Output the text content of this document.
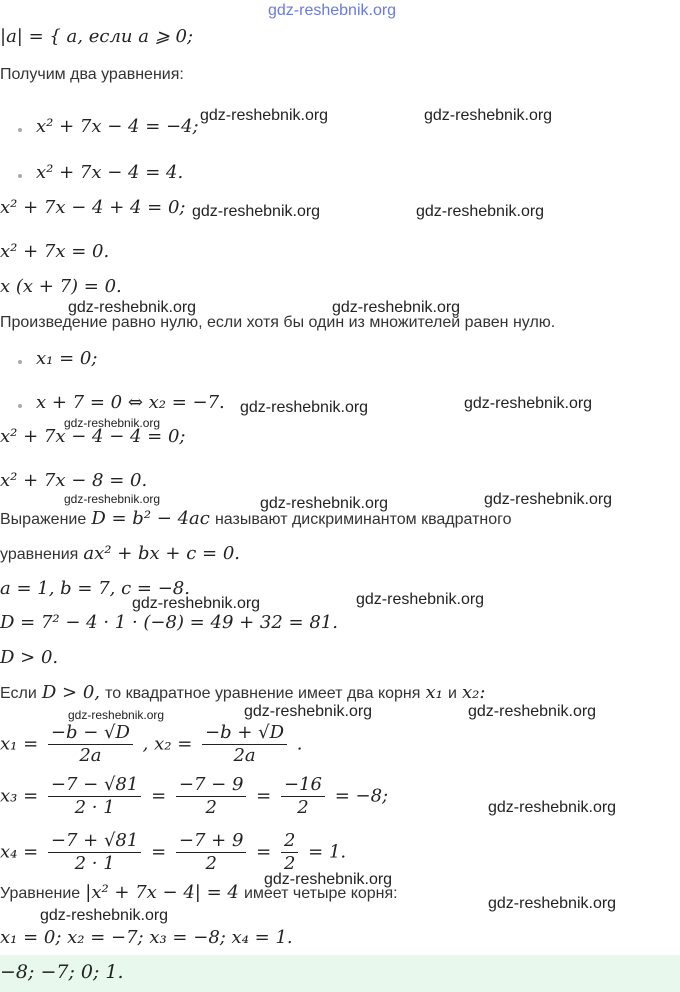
gdz-reshebnik.org
|a| = { a, если a ⩾ 0;
Получим два уравнения:
x² + 7x − 4 = −4;
x² + 7x − 4 = 4.
x² + 7x − 4 + 4 = 0;
x² + 7x = 0.
x (x + 7) = 0.
Произведение равно нулю, если хотя бы один из множителей равен нулю.
x₁ = 0;
x + 7 = 0 ⇔ x₂ = −7.
x² + 7x − 4 − 4 = 0;
x² + 7x − 8 = 0.
Выражение D = b² − 4ac называют дискриминантом квадратного
уравнения ax² + bx + c = 0.
a = 1, b = 7, c = −8.
D = 7² − 4 · 1 · (−8) = 49 + 32 = 81.
D > 0.
Если D > 0, то квадратное уравнение имеет два корня x₁ и x₂:
$x_1 = \frac{-b - √D}{2a}$ , $x_2 = \frac{-b + √D}{2a}$ .
$x_3 = \frac{-7 - √81}{2 \cdot 1} = \frac{-7 - 9}{2} = \frac{-16}{2} = -8$;
$x_4 = \frac{-7 + √81}{2 \cdot 1} = \frac{-7 + 9}{2} = \frac{2}{2} = 1$.
Уравнение |x² + 7x − 4| = 4 имеет четыре корня:
x₁ = 0; x₂ = −7; x₃ = −8; x₄ = 1.
−8; −7; 0; 1.
gdz-reshebnik.org	gdz-reshebnik.org
gdz-reshebnik.org	gdz-reshebnik.org
gdz-reshebnik.org	gdz-reshebnik.org
gdz-reshebnik.org	gdz-reshebnik.org
gdz-reshebnik.org
gdz-reshebnik.org	gdz-reshebnik.org	gdz-reshebnik.org
gdz-reshebnik.org	gdz-reshebnik.org
gdz-reshebnik.org	gdz-reshebnik.org	gdz-reshebnik.org
gdz-reshebnik.org
gdz-reshebnik.org
gdz-reshebnik.org
gdz-reshebnik.org
